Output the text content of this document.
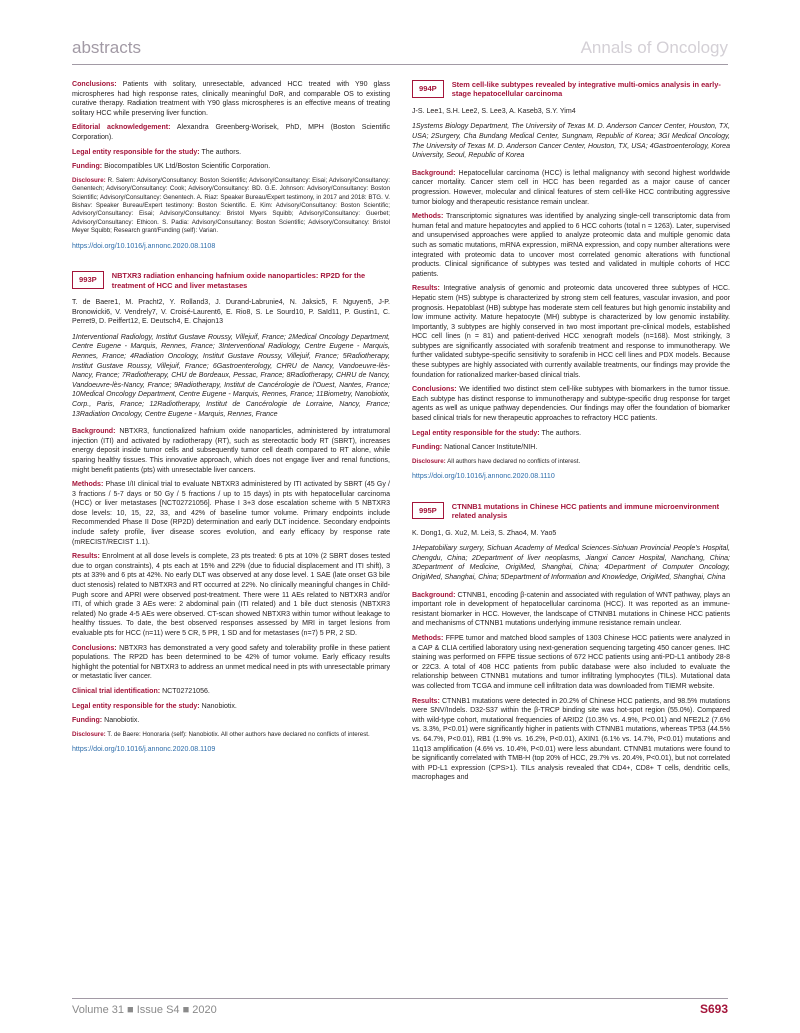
abstracts	Annals of Oncology

Conclusions: Patients with solitary, unresectable, advanced HCC treated with Y90 glass microspheres had high response rates, clinically meaningful DoR, and comparable OS to existing curative therapy. Radiation treatment with Y90 glass microspheres is an effective means of treating solitary HCC while preserving liver function.

Editorial acknowledgement: Alexandra Greenberg-Worisek, PhD, MPH (Boston Scientific Corporation).

Legal entity responsible for the study: The authors.

Funding: Biocompatibles UK Ltd/Boston Scientific Corporation.

Disclosure: R. Salem: Advisory/Consultancy: Boston Scientific; Advisory/Consultancy: Eisai; Advisory/Consultancy: Genentech; Advisory/Consultancy: Cook; Advisory/Consultancy: BD. G.E. Johnson: Advisory/Consultancy: Boston Scientific; Advisory/Consultancy: Genentech. A. Riaz: Speaker Bureau/Expert testimony, in 2017 and 2018: BTG. V. Bishav: Speaker Bureau/Expert testimony: Boston Scientific. E. Kim: Advisory/Consultancy: Boston Scientific; Advisory/Consultancy: Eisai; Advisory/Consultancy: Bristol Myers Squibb; Advisory/Consultancy: Guerbet; Advisory/Consultancy: Ethicon. S. Padia: Advisory/Consultancy: Boston Scientific; Advisory/Consultancy: Bristol Meyer Squibb; Research grant/Funding (self): Varian.

https://doi.org/10.1016/j.annonc.2020.08.1108

993P	NBTXR3 radiation enhancing hafnium oxide nanoparticles: RP2D for the treatment of HCC and liver metastases

T. de Baere1, M. Pracht2, Y. Rolland3, J. Durand-Labrunie4, N. Jaksic5, F. Nguyen5, J-P. Bronowicki6, V. Vendrely7, V. Croisé-Laurent6, E. Rio8, S. Le Sourd10, P. Saïd11, P. Gustin1, C. Perret9, D. Peiffert12, E. Deutsch4, E. Chajon13

1Interventional Radiology, Institut Gustave Roussy, Villejuif, France; 2Medical Oncology Department, Centre Eugene - Marquis, Rennes, France; 3Interventional Radiology, Centre Eugene - Marquis, Rennes, France; 4Radiation Oncology, Institut Gustave Roussy, Villejuif, France; 5Radiotherapy, Institut Gustave Roussy, Villejuif, France; 6Gastroenterology, CHRU de Nancy, Vandoeuvre-lès-Nancy, France; 7Radiotherapy, CHU de Bordeaux, Pessac, France; 8Radiotherapy, CHRU de Nancy, Vandoeuvre-lès-Nancy, France; 9Radiotherapy, Institut de Cancérologie de l'Ouest, Nantes, France; 10Medical Oncology Department, Centre Eugene - Marquis, Rennes, France; 11Biometry, Nanobiotix, Corp., Paris, France; 12Radiotherapy, Institut de Cancérologie de Lorraine, Nancy, France; 13Radiation Oncology, Centre Eugene - Marquis, Rennes, France

Background: NBTXR3, functionalized hafnium oxide nanoparticles, administered by intratumoral injection (ITI) and activated by radiotherapy (RT), such as stereotactic body RT (SBRT), increases energy deposit inside tumor cells and subsequently tumor cell death compared to RT alone, while sparing healthy tissues. This innovative approach, which does not engage liver and renal functions, might benefit patients (pts) with unresectable liver cancers.

Methods: Phase I/II clinical trial to evaluate NBTXR3 administered by ITI activated by SBRT (45 Gy / 3 fractions / 5-7 days or 50 Gy / 5 fractions / up to 15 days) in pts with hepatocellular carcinoma (HCC) or liver metastases [NCT02721056]. Phase I 3+3 dose escalation scheme with 5 NBTXR3 dose levels: 10, 15, 22, 33, and 42% of baseline tumor volume. Primary endpoints include Recommended Phase II Dose (RP2D) determination and early DLT incidence. Secondary endpoints include safety profile, liver disease scores evolution, and early efficacy by response rate (mRECIST/RECIST 1.1).

Results: Enrolment at all dose levels is complete, 23 pts treated: 6 pts at 10% (2 SBRT doses tested due to organ constraints), 4 pts each at 15% and 22% (due to fiducial displacement and ITI shift), 3 pts at 33% and 6 pts at 42%. No early DLT was observed at any dose level. 1 SAE (late onset G3 bile duct stenosis) related to NBTXR3 and RT occurred at 22%. No clinically meaningful changes in Child-Pugh score and APRI were observed post-treatment. There were 11 AEs related to NBTXR3 and/or ITI, of which grade 3 AEs were: 2 abdominal pain (ITI related) and 1 bile duct stenosis (NBTXR3 related) No grade 4-5 AEs were observed. CT-scan showed NBTXR3 within tumor without leakage to healthy tissues. To date, the best observed responses assessed by MRI in target lesions from evaluable pts for HCC (n=11) were 5 CR, 5 PR, 1 SD and for metastases (n=7) 5 PR, 2 SD.

Conclusions: NBTXR3 has demonstrated a very good safety and tolerability profile in these patient populations. The RP2D has been determined to be 42% of tumor volume. Early efficacy results highlight the potential for NBTXR3 to address an unmet medical need in pts with unresectable primary or metastatic liver cancer.

Clinical trial identification: NCT02721056.

Legal entity responsible for the study: Nanobiotix.

Funding: Nanobiotix.

Disclosure: T. de Baere: Honoraria (self): Nanobiotix. All other authors have declared no conflicts of interest.

https://doi.org/10.1016/j.annonc.2020.08.1109

994P	Stem cell-like subtypes revealed by integrative multi-omics analysis in early-stage hepatocellular carcinoma

J-S. Lee1, S.H. Lee2, S. Lee3, A. Kaseb3, S.Y. Yim4

1Systems Biology Department, The University of Texas M. D. Anderson Cancer Center, Houston, TX, USA; 2Surgery, Cha Bundang Medical Center, Sungnam, Republic of Korea; 3GI Medical Oncology, The University of Texas M. D. Anderson Cancer Center, Houston, TX, USA; 4Gastroenterology, Korea University, Seoul, Republic of Korea

Background: Hepatocellular carcinoma (HCC) is lethal malignancy with second highest worldwide cancer mortality. Cancer stem cell in HCC has been regarded as a major cause of cancer progression. However, molecular and clinical features of stem cell-like HCC contributing aggressive tumor biology and therapeutic resistance remain unclear.

Methods: Transcriptomic signatures was identified by analyzing single-cell transcriptomic data from human fetal and mature hepatocytes and applied to 6 HCC cohorts (total n = 1263). Later, supervised and unsupervised approaches were applied to analyze proteomic data and multiple genomic data such as somatic mutations, mRNA expression, miRNA expression, and copy number alterations were integrated with proteomic data to uncover most correlated genomic alterations with functional products. Clinical significance of subtypes was tested and validated in multiple cohorts of HCC patients.

Results: Integrative analysis of genomic and proteomic data uncovered three subtypes of HCC. Hepatic stem (HS) subtype is characterized by strong stem cell features, vascular invasion, and poor prognosis. Hepatoblast (HB) subtype has moderate stem cell features but high genomic instability and low immune activity. Mature hepatocyte (MH) subtype is characterized by low genomic instability. Importantly, 3 subtypes are highly conserved in two most important pre-clinical models, established HCC cell lines (n = 81) and patient-derived HCC xenograft models (n=168). Most strikingly, 3 subtypes are significantly associated with sorafenib treatment and response to immunotherapy. We further validated subtype-specific sensitivity to sorafenib in HCC cell lines and PDX models. Because these subtypes are highly associated with currently available treatments, our findings may provide the foundation for rationalized marker-based clinical trials.

Conclusions: We identified two distinct stem cell-like subtypes with biomarkers in the tumor tissue. Each subtype has distinct response to immunotherapy and subtype-specific drug response for target agents as well as unique pathway dependencies. Our findings may offer the foundation of biomarker based clinical trials for new therapeutic approaches to refractory HCC patients.

Legal entity responsible for the study: The authors.

Funding: National Cancer Institute/NIH.

Disclosure: All authors have declared no conflicts of interest.

https://doi.org/10.1016/j.annonc.2020.08.1110

995P	CTNNB1 mutations in Chinese HCC patients and immune microenvironment related analysis

K. Dong1, G. Xu2, M. Lei3, S. Zhao4, M. Yao5

1Hepatobiliary surgery, Sichuan Academy of Medical Sciences·Sichuan Provincial People's Hospital, Chengdu, China; 2Department of liver neoplasms, Jiangxi Cancer Hospital, Nanchang, China; 3Department of Medicine, OrigiMed, Shanghai, China; 4Department of Computer Oncology, OrigiMed, Shanghai, China; 5Department of Information and Knowledge, OrigiMed, Shanghai, China

Background: CTNNB1, encoding β-catenin and associated with regulation of WNT pathway, plays an important role in development of hepatocellular carcinoma (HCC). It was reported as an immune-resistant biomarker in HCC. However, the landscape of CTNNB1 mutations in Chinese HCC patients and mechanisms of CTNNB1 mutations underlying immune resistance remain unclear.

Methods: FFPE tumor and matched blood samples of 1303 Chinese HCC patients were analyzed in a CAP & CLIA certified laboratory using next-generation sequencing targeting 450 cancer genes. IHC staining was performed on FFPE tissue sections of 672 HCC patients using anti-PD-L1 antibody 28-8 or 22C3. A total of 408 HCC patients from public database were also included to evaluate the relationship between CTNNB1 mutations and tumor infiltrating lymphocytes (TILs). Mutational data was collected from TCGA and immune cell infiltration data was downloaded from TIEMR website.

Results: CTNNB1 mutations were detected in 20.2% of Chinese HCC patients, and 98.5% mutations were SNV/Indels. D32-S37 within the β-TRCP binding site was hot-spot region (55.0%). Compared with wild-type cohort, mutational frequencies of ARID2 (10.3% vs. 4.9%, P<0.01) and NFE2L2 (7.6% vs. 3.3%, P<0.01) were significantly higher in patients with CTNNB1 mutations, whereas TP53 (44.5% vs. 64.7%, P<0.01), RB1 (1.9% vs. 16.2%, P<0.01), AXIN1 (6.1% vs. 14.7%, P<0.01) mutations and 11q13 amplification (4.6% vs. 10.4%, P<0.01) were less abundant. CTNNB1 mutations were found to be significantly correlated with TMB-H (top 20% of HCC, 29.7% vs. 20.4%, P<0.01), but not correlated with PD-L1 expression (CPS>1). TILs analysis revealed that CD4+, CD8+ T cells, dendritic cells, macrophages and

Volume 31 ■ Issue S4 ■ 2020	S693
